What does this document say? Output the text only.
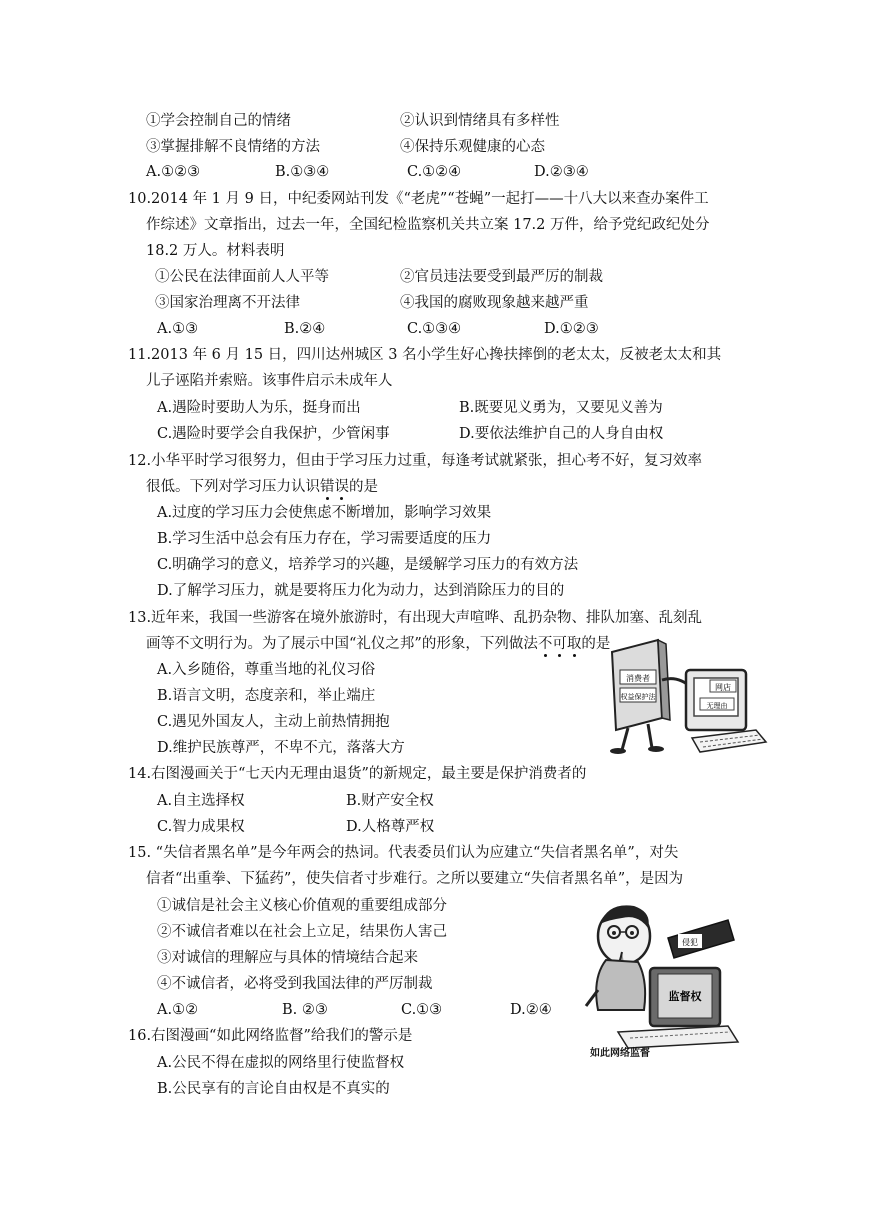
①学会控制自己的情绪	②认识到情绪具有多样性
③掌握排解不良情绪的方法	④保持乐观健康的心态
A.①②③	B.①③④	C.①②④	D.②③④
10.2014 年 1 月 9 日，中纪委网站刊发《“老虎”“苍蝇”一起打——十八大以来查办案件工
作综述》文章指出，过去一年，全国纪检监察机关共立案 17.2 万件，给予党纪政纪处分
18.2 万人。材料表明
①公民在法律面前人人平等	②官员违法要受到最严厉的制裁
③国家治理离不开法律	④我国的腐败现象越来越严重
A.①③	B.②④	C.①③④	D.①②③
11.2013 年 6 月 15 日，四川达州城区 3 名小学生好心搀扶摔倒的老太太，反被老太太和其
儿子诬陷并索赔。该事件启示未成年人
A.遇险时要助人为乐，挺身而出	B.既要见义勇为，又要见义善为
C.遇险时要学会自我保护，少管闲事	D.要依法维护自己的人身自由权
12.小华平时学习很努力，但由于学习压力过重，每逢考试就紧张，担心考不好，复习效率
很低。下列对学习压力认识错误的是
A.过度的学习压力会使焦虑不断增加，影响学习效果
B.学习生活中总会有压力存在，学习需要适度的压力
C.明确学习的意义，培养学习的兴趣，是缓解学习压力的有效方法
D.了解学习压力，就是要将压力化为动力，达到消除压力的目的
13.近年来，我国一些游客在境外旅游时，有出现大声喧哗、乱扔杂物、排队加塞、乱刻乱
画等不文明行为。为了展示中国“礼仪之邦”的形象，下列做法不可取的是
A.入乡随俗，尊重当地的礼仪习俗
B.语言文明，态度亲和，举止端庄
C.遇见外国友人，主动上前热情拥抱
D.维护民族尊严，不卑不亢，落落大方
消费者
权益保护法
网店
无理由
14.右图漫画关于“七天内无理由退货”的新规定，最主要是保护消费者的
A.自主选择权	B.财产安全权
C.智力成果权	D.人格尊严权
15. “失信者黑名单”是今年两会的热词。代表委员们认为应建立“失信者黑名单”，对失
信者“出重拳、下猛药”，使失信者寸步难行。之所以要建立“失信者黑名单”，是因为
①诚信是社会主义核心价值观的重要组成部分
②不诚信者难以在社会上立足，结果伤人害己
③对诚信的理解应与具体的情境结合起来
④不诚信者，必将受到我国法律的严厉制裁
A.①②	B. ②③	C.①③	D.②④
侵犯
监督权
如此网络监督
16.右图漫画“如此网络监督”给我们的警示是
A.公民不得在虚拟的网络里行使监督权
B.公民享有的言论自由权是不真实的
